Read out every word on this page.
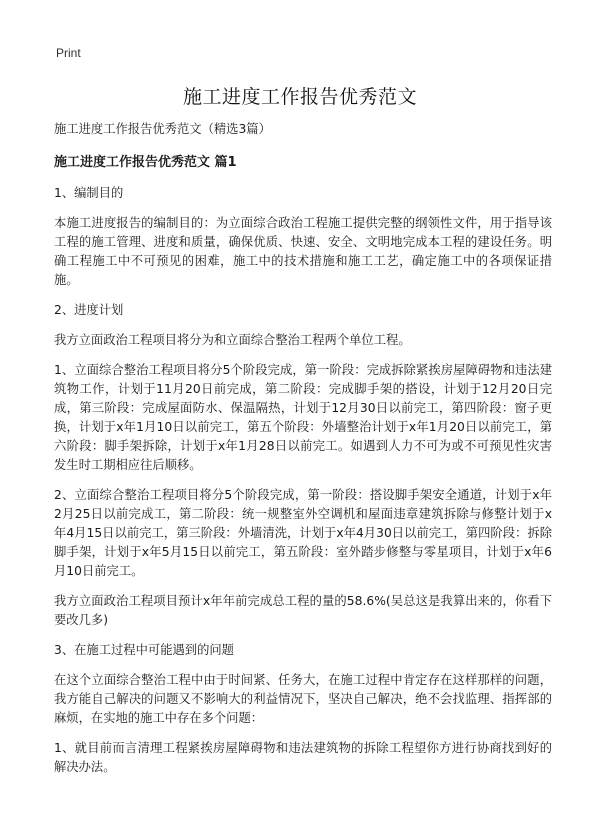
Print
施工进度工作报告优秀范文

施工进度工作报告优秀范文（精选3篇）

施工进度工作报告优秀范文 篇1

1、编制目的

本施工进度报告的编制目的：为立面综合政治工程施工提供完整的纲领性文件，用于指导该工程的施工管理、进度和质量，确保优质、快速、安全、文明地完成本工程的建设任务。明确工程施工中不可预见的困难，施工中的技术措施和施工工艺，确定施工中的各项保证措施。

2、进度计划

我方立面政治工程项目将分为和立面综合整治工程两个单位工程。

1、立面综合整治工程项目将分5个阶段完成，第一阶段：完成拆除紧挨房屋障碍物和违法建筑物工作，计划于11月20日前完成，第二阶段：完成脚手架的搭设，计划于12月20日完成，第三阶段：完成屋面防水、保温隔热，计划于12月30日以前完工，第四阶段：窗子更换，计划于x年1月10日以前完工，第五个阶段：外墙整治计划于x年1月20日以前完工，第六阶段：脚手架拆除，计划于x年1月28日以前完工。如遇到人力不可为或不可预见性灾害发生时工期相应往后顺移。

2、立面综合整治工程项目将分5个阶段完成，第一阶段：搭设脚手架安全通道，计划于x年2月25日以前完成工，第二阶段：统一规整室外空调机和屋面违章建筑拆除与修整计划于x年4月15日以前完工，第三阶段：外墙清洗，计划于x年4月30日以前完工，第四阶段：拆除脚手架，计划于x年5月15日以前完工，第五阶段：室外踏步修整与零星项目，计划于x年6月10日前完工。

我方立面政治工程项目预计x年年前完成总工程的量的58.6%(吴总这是我算出来的，你看下要改几多)

3、在施工过程中可能遇到的问题

在这个立面综合整治工程中由于时间紧、任务大，在施工过程中肯定存在这样那样的问题，我方能自己解决的问题又不影响大的利益情况下，坚决自己解决，绝不会找监理、指挥部的麻烦，在实地的施工中存在多个问题：

1、就目前而言清理工程紧挨房屋障碍物和违法建筑物的拆除工程望你方进行协商找到好的解决办法。
